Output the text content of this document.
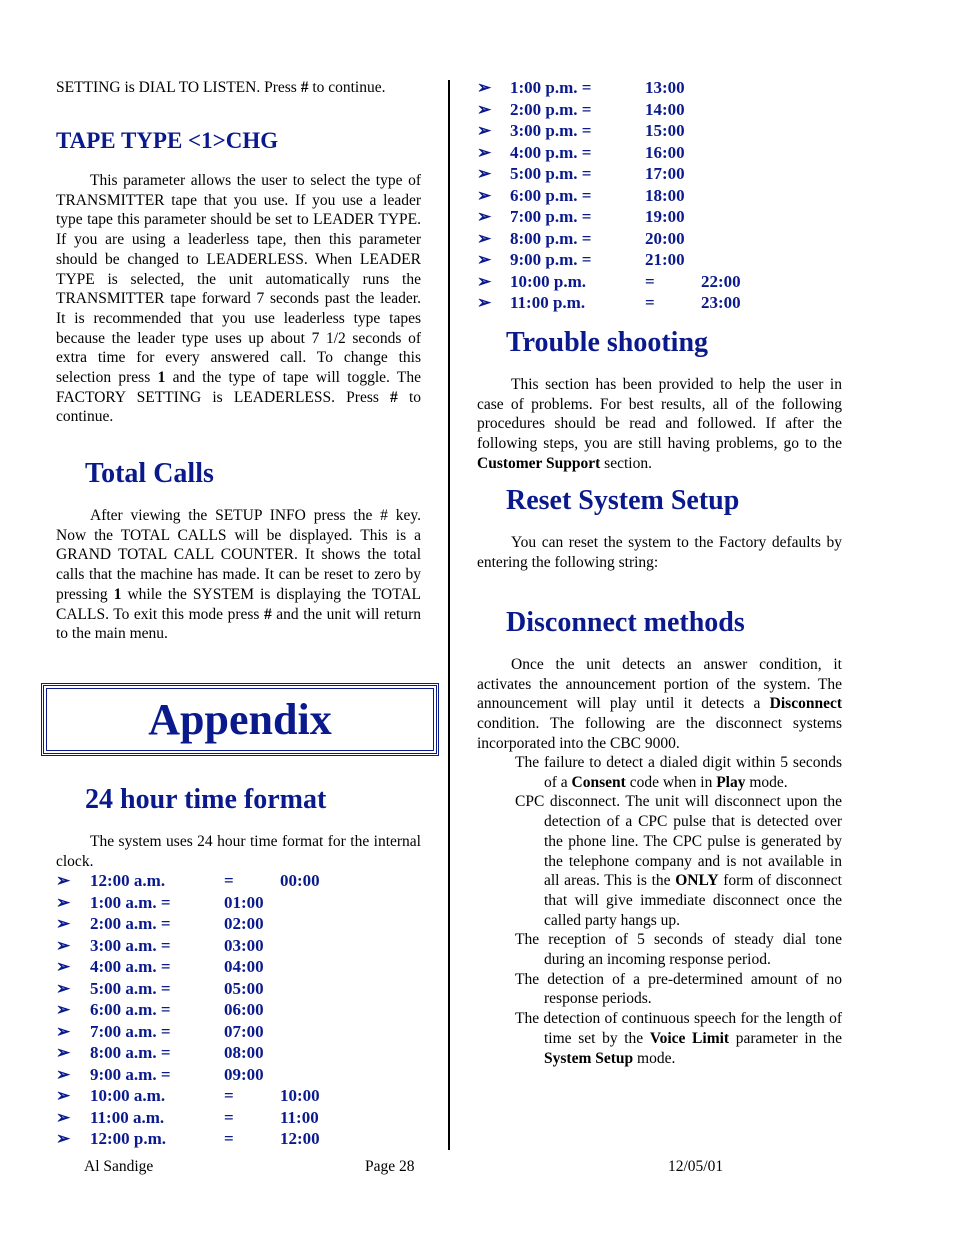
SETTING is DIAL TO LISTEN. Press # to continue.

TAPE TYPE <1>CHG

This parameter allows the user to select the type of TRANSMITTER tape that you use. If you use a leader type tape this parameter should be set to LEADER TYPE. If you are using a leaderless tape, then this parameter should be changed to LEADERLESS. When LEADER TYPE is selected, the unit automatically runs the TRANSMITTER tape forward 7 seconds past the leader. It is recommended that you use leaderless type tapes because the leader type uses up about 7 1/2 seconds of extra time for every answered call. To change this selection press 1 and the type of tape will toggle. The FACTORY SETTING is LEADERLESS. Press # to continue.

Total Calls

After viewing the SETUP INFO press the # key. Now the TOTAL CALLS will be displayed. This is a GRAND TOTAL CALL COUNTER. It shows the total calls that the machine has made. It can be reset to zero by pressing 1 while the SYSTEM is displaying the TOTAL CALLS. To exit this mode press # and the unit will return to the main menu.

Appendix
24 hour time format

The system uses 24 hour time format for the internal clock.

➢ 12:00 a.m.	=	00:00
➢ 1:00 a.m. =	01:00
➢ 2:00 a.m. =	02:00
➢ 3:00 a.m. =	03:00
➢ 4:00 a.m. =	04:00
➢ 5:00 a.m. =	05:00
➢ 6:00 a.m. =	06:00
➢ 7:00 a.m. =	07:00
➢ 8:00 a.m. =	08:00
➢ 9:00 a.m. =	09:00
➢ 10:00 a.m.	=	10:00
➢ 11:00 a.m.	=	11:00
➢ 12:00 p.m.	=	12:00
➢ 1:00 p.m. =	13:00
➢ 2:00 p.m. =	14:00
➢ 3:00 p.m. =	15:00
➢ 4:00 p.m. =	16:00
➢ 5:00 p.m. =	17:00
➢ 6:00 p.m. =	18:00
➢ 7:00 p.m. =	19:00
➢ 8:00 p.m. =	20:00
➢ 9:00 p.m. =	21:00
➢ 10:00 p.m.	=	22:00
➢ 11:00 p.m.	=	23:00
Trouble shooting

This section has been provided to help the user in case of problems. For best results, all of the following procedures should be read and followed. If after the following steps, you are still having problems, go to the Customer Support section.

Reset System Setup

You can reset the system to the Factory defaults by entering the following string:

Disconnect methods

Once the unit detects an answer condition, it activates the announcement portion of the system. The announcement will play until it detects a Disconnect condition. The following are the disconnect systems incorporated into the CBC 9000.

The failure to detect a dialed digit within 5 seconds of a Consent code when in Play mode.

CPC disconnect. The unit will disconnect upon the detection of a CPC pulse that is detected over the phone line. The CPC pulse is generated by the telephone company and is not available in all areas. This is the ONLY form of disconnect that will give immediate disconnect once the called party hangs up.

The reception of 5 seconds of steady dial tone during an incoming response period.

The detection of a pre-determined amount of no response periods.

The detection of continuous speech for the length of time set by the Voice Limit parameter in the System Setup mode.

Al Sandige	Page 28	12/05/01
